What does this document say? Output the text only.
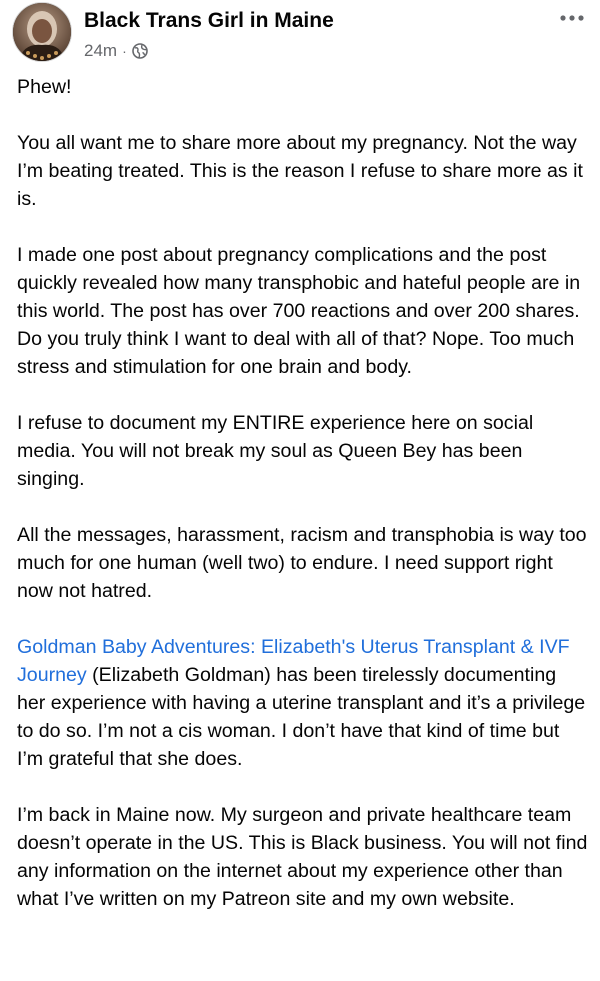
Black Trans Girl in Maine
24m ·

Phew!

You all want me to share more about my pregnancy. Not the way I’m beating treated. This is the reason I refuse to share more as it is.

I made one post about pregnancy complications and the post quickly revealed how many transphobic and hateful people are in this world. The post has over 700 reactions and over 200 shares. Do you truly think I want to deal with all of that? Nope. Too much stress and stimulation for one brain and body.

I refuse to document my ENTIRE experience here on social media. You will not break my soul as Queen Bey has been singing.

All the messages, harassment, racism and transphobia is way too much for one human (well two) to endure. I need support right now not hatred.

Goldman Baby Adventures: Elizabeth's Uterus Transplant & IVF Journey (Elizabeth Goldman) has been tirelessly documenting her experience with having a uterine transplant and it’s a privilege to do so. I’m not a cis woman. I don’t have that kind of time but I’m grateful that she does.

I’m back in Maine now. My surgeon and private healthcare team doesn’t operate in the US. This is Black business. You will not find any information on the internet about my experience other than what I’ve written on my Patreon site and my own website.
